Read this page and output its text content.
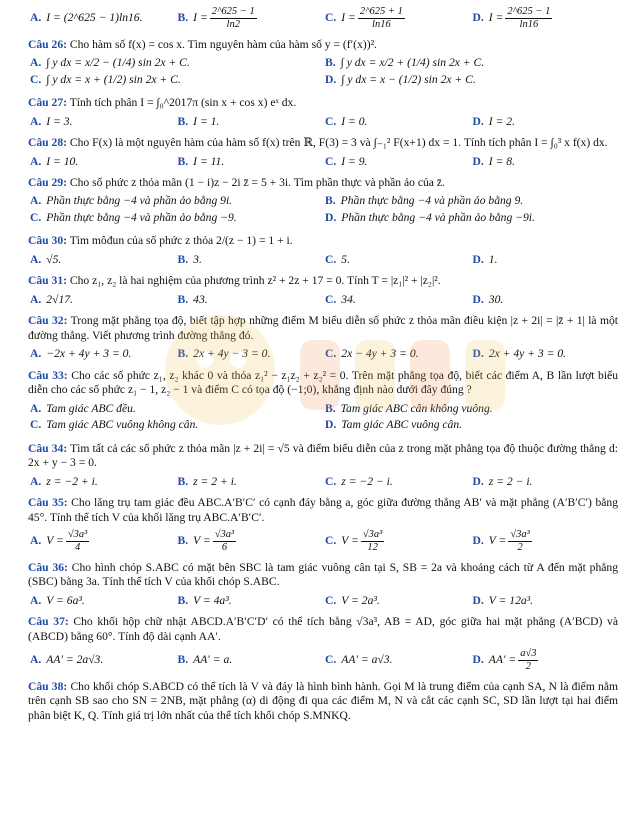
A. I = (2^625 − 1)ln16.	B. $I = \frac{2\^{}625 - 1}{\ln 2}$	C. $I = \frac{2\^{}625 + 1}{\ln 16}$	D. $I = \frac{2\^{}625 - 1}{\ln 16}$
Câu 26: Cho hàm số f(x) = cos x. Tìm nguyên hàm của hàm số y = (f′(x))².
A. ∫ y dx = x/2 − (1/4) sin 2x + C.	B. ∫ y dx = x/2 + (1/4) sin 2x + C.
C. ∫ y dx = x + (1/2) sin 2x + C.	D. ∫ y dx = x − (1/2) sin 2x + C.
Câu 27: Tính tích phân I = ∫₀^2017π (sin x + cos x) eˣ dx.
A. I = 3.	B. I = 1.	C. I = 0.	D. I = 2.
Câu 28: Cho F(x) là một nguyên hàm của hàm số f(x) trên ℝ, F(3) = 3 và ∫₋₁² F(x+1) dx = 1. Tính tích phân I = ∫₀³ x f(x) dx.
A. I = 10.	B. I = 11.	C. I = 9.	D. I = 8.
Câu 29: Cho số phức z thỏa mãn (1 − i)z − 2i z̄ = 5 + 3i. Tìm phần thực và phần ảo của z̄.
A. Phần thực bằng −4 và phần ảo bằng 9i.	B. Phần thực bằng −4 và phần ảo bằng 9.
C. Phần thực bằng −4 và phần ảo bằng −9.	D. Phần thực bằng −4 và phần ảo bằng −9i.
Câu 30: Tìm môđun của số phức z thỏa 2/(z − 1) = 1 + i.
A. √5.	B. 3.	C. 5.	D. 1.
Câu 31: Cho z₁, z₂ là hai nghiệm của phương trình z² + 2z + 17 = 0. Tính T = |z₁|² + |z₂|².
A. 2√17.	B. 43.	C. 34.	D. 30.
Câu 32: Trong mặt phẳng tọa độ, biết tập hợp những điểm M biểu diễn số phức z thỏa mãn điều kiện |z + 2i| = |z̄ + 1| là một đường thẳng. Viết phương trình đường thẳng đó.
A. −2x + 4y + 3 = 0.	B. 2x + 4y − 3 = 0.	C. 2x − 4y + 3 = 0.	D. 2x + 4y + 3 = 0.
Câu 33: Cho các số phức z₁, z₂ khác 0 và thỏa z₁² − z₁z₂ + z₂² = 0. Trên mặt phẳng tọa độ, biết các điểm A, B lần lượt biểu diễn cho các số phức z₁ − 1, z₂ − 1 và điểm C có tọa độ (−1;0), khẳng định nào dưới đây đúng ?
A. Tam giác ABC đều.	B. Tam giác ABC cân không vuông.
C. Tam giác ABC vuông không cân.	D. Tam giác ABC vuông cân.
Câu 34: Tìm tất cả các số phức z thỏa mãn |z + 2i| = √5 và điểm biểu diễn của z trong mặt phẳng tọa độ thuộc đường thẳng d: 2x + y − 3 = 0.
A. z = −2 + i.	B. z = 2 + i.	C. z = −2 − i.	D. z = 2 − i.
Câu 35: Cho lăng trụ tam giác đều ABC.A′B′C′ có cạnh đáy bằng a, góc giữa đường thẳng AB′ và mặt phẳng (A′B′C′) bằng 45°. Tính thể tích V của khối lăng trụ ABC.A′B′C′.
A. $V = \frac{\text{√3a³}}{4}$	B. $V = \frac{\text{√3a³}}{6}$	C. $V = \frac{\text{√3a³}}{12}$	D. $V = \frac{\text{√3a³}}{2}$
Câu 36: Cho hình chóp S.ABC có mặt bên SBC là tam giác vuông cân tại S, SB = 2a và khoảng cách từ A đến mặt phẳng (SBC) bằng 3a. Tính thể tích V của khối chóp S.ABC.
A. V = 6a³.	B. V = 4a³.	C. V = 2a³.	D. V = 12a³.
Câu 37: Cho khối hộp chữ nhật ABCD.A′B′C′D′ có thể tích bằng √3a³, AB = AD, góc giữa hai mặt phẳng (A′BCD) và (ABCD) bằng 60°. Tính độ dài cạnh AA′.
A. AA′ = 2a√3.	B. AA′ = a.	C. AA′ = a√3.	D. $AA' = \frac{a√3}{2}$
Câu 38: Cho khối chóp S.ABCD có thể tích là V và đáy là hình bình hành. Gọi M là trung điểm của cạnh SA, N là điểm nằm trên cạnh SB sao cho SN = 2NB, mặt phẳng (α) di động đi qua các điểm M, N và cắt các cạnh SC, SD lần lượt tại hai điểm phân biệt K, Q. Tính giá trị lớn nhất của thể tích khối chóp S.MNKQ.
